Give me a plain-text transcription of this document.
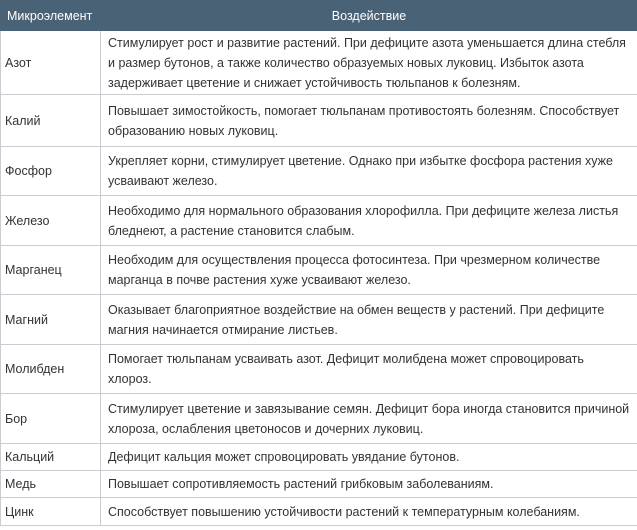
Микроэлемент	Воздействие
Азот	Стимулирует рост и развитие растений. При дефиците азота уменьшается длина стебля и размер бутонов, а также количество образуемых новых луковиц. Избыток азота задерживает цветение и снижает устойчивость тюльпанов к болезням.
Калий	Повышает зимостойкость, помогает тюльпанам противостоять болезням. Способствует образованию новых луковиц.
Фосфор	Укрепляет корни, стимулирует цветение. Однако при избытке фосфора растения хуже усваивают железо.
Железо	Необходимо для нормального образования хлорофилла. При дефиците железа листья бледнеют, а растение становится слабым.
Марганец	Необходим для осуществления процесса фотосинтеза. При чрезмерном количестве марганца в почве растения хуже усваивают железо.
Магний	Оказывает благоприятное воздействие на обмен веществ у растений. При дефиците магния начинается отмирание листьев.
Молибден	Помогает тюльпанам усваивать азот. Дефицит молибдена может спровоцировать хлороз.
Бор	Стимулирует цветение и завязывание семян. Дефицит бора иногда становится причиной хлороза, ослабления цветоносов и дочерних луковиц.
Кальций	Дефицит кальция может спровоцировать увядание бутонов.
Медь	Повышает сопротивляемость растений грибковым заболеваниям.
Цинк	Способствует повышению устойчивости растений к температурным колебаниям.
